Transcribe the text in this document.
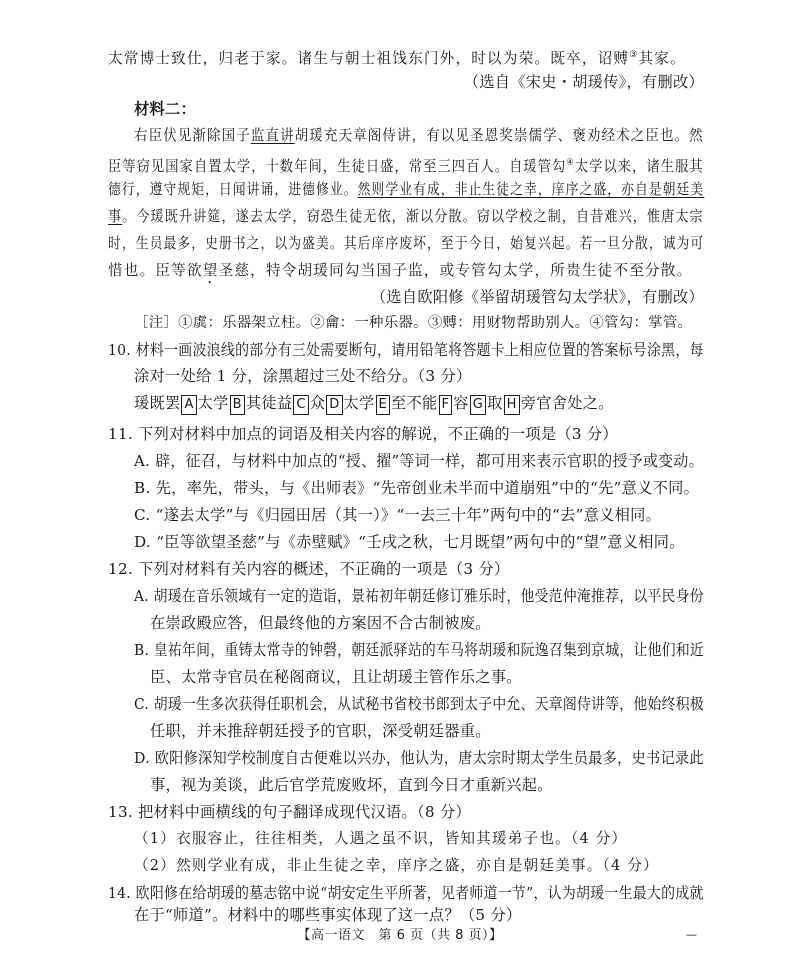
太常博士致仕，归老于家。诸生与朝士祖饯东门外，时以为荣。既卒，诏赙③其家。
（选自《宋史・胡瑗传》，有删改）
材料二：
右臣伏见渐除国子监直讲胡瑗充天章阁侍讲，有以见圣恩奖崇儒学、褒劝经术之臣也。然
臣等窃见国家自置太学，十数年间，生徒日盛，常至三四百人。自瑗管勾④太学以来，诸生服其
德行，遵守规矩，日闻讲诵，进德修业。然则学业有成，非止生徒之幸，庠序之盛，亦自是朝廷美
事。今瑗既升讲筵，遂去太学，窃恐生徒无依，渐以分散。窃以学校之制，自昔难兴，惟唐太宗
时，生员最多，史册书之，以为盛美。其后庠序废坏，至于今日，始复兴起。若一旦分散，诚为可
惜也。臣等欲望圣慈，特令胡瑗同勾当国子监，或专管勾太学，所贵生徒不至分散。
（选自欧阳修《举留胡瑗管勾太学状》，有删改）
［注］①虡：乐器架立柱。②龠：一种乐器。③赙：用财物帮助别人。④管勾：掌管。
10. 材料一画波浪线的部分有三处需要断句，请用铅笔将答题卡上相应位置的答案标号涂黑，每
涂对一处给 1 分，涂黑超过三处不给分。（3 分）
瑗既罢 A 太学 B 其徒益 C 众 D 太学 E 至不能 F 容 G 取 H 旁官舍处之。
11. 下列对材料中加点的词语及相关内容的解说，不正确的一项是（3 分）
A. 辟，征召，与材料中加点的“授、擢”等词一样，都可用来表示官职的授予或变动。
B. 先，率先，带头，与《出师表》“先帝创业未半而中道崩殂”中的“先”意义不同。
C. “遂去太学”与《归园田居（其一）》“一去三十年”两句中的“去”意义相同。
D. “臣等欲望圣慈”与《赤壁赋》“壬戌之秋，七月既望”两句中的“望”意义相同。
12. 下列对材料有关内容的概述，不正确的一项是（3 分）
A. 胡瑗在音乐领域有一定的造诣，景祐初年朝廷修订雅乐时，他受范仲淹推荐，以平民身份
在崇政殿应答，但最终他的方案因不合古制被废。
B. 皇祐年间，重铸太常寺的钟磬，朝廷派驿站的车马将胡瑗和阮逸召集到京城，让他们和近
臣、太常寺官员在秘阁商议，且让胡瑗主管作乐之事。
C. 胡瑗一生多次获得任职机会，从试秘书省校书郎到太子中允、天章阁侍讲等，他始终积极
任职，并未推辞朝廷授予的官职，深受朝廷器重。
D. 欧阳修深知学校制度自古便难以兴办，他认为，唐太宗时期太学生员最多，史书记录此
事，视为美谈，此后官学荒废败坏，直到今日才重新兴起。
13. 把材料中画横线的句子翻译成现代汉语。（8 分）
（1）衣服容止，往往相类，人遇之虽不识，皆知其瑗弟子也。（4 分）
（2）然则学业有成，非止生徒之幸，庠序之盛，亦自是朝廷美事。（4 分）
14. 欧阳修在给胡瑗的墓志铭中说“胡安定生平所著，见者师道一节”，认为胡瑗一生最大的成就
在于“师道”。材料中的哪些事实体现了这一点？（5 分）
【高一语文　第 6 页（共 8 页）】	—
